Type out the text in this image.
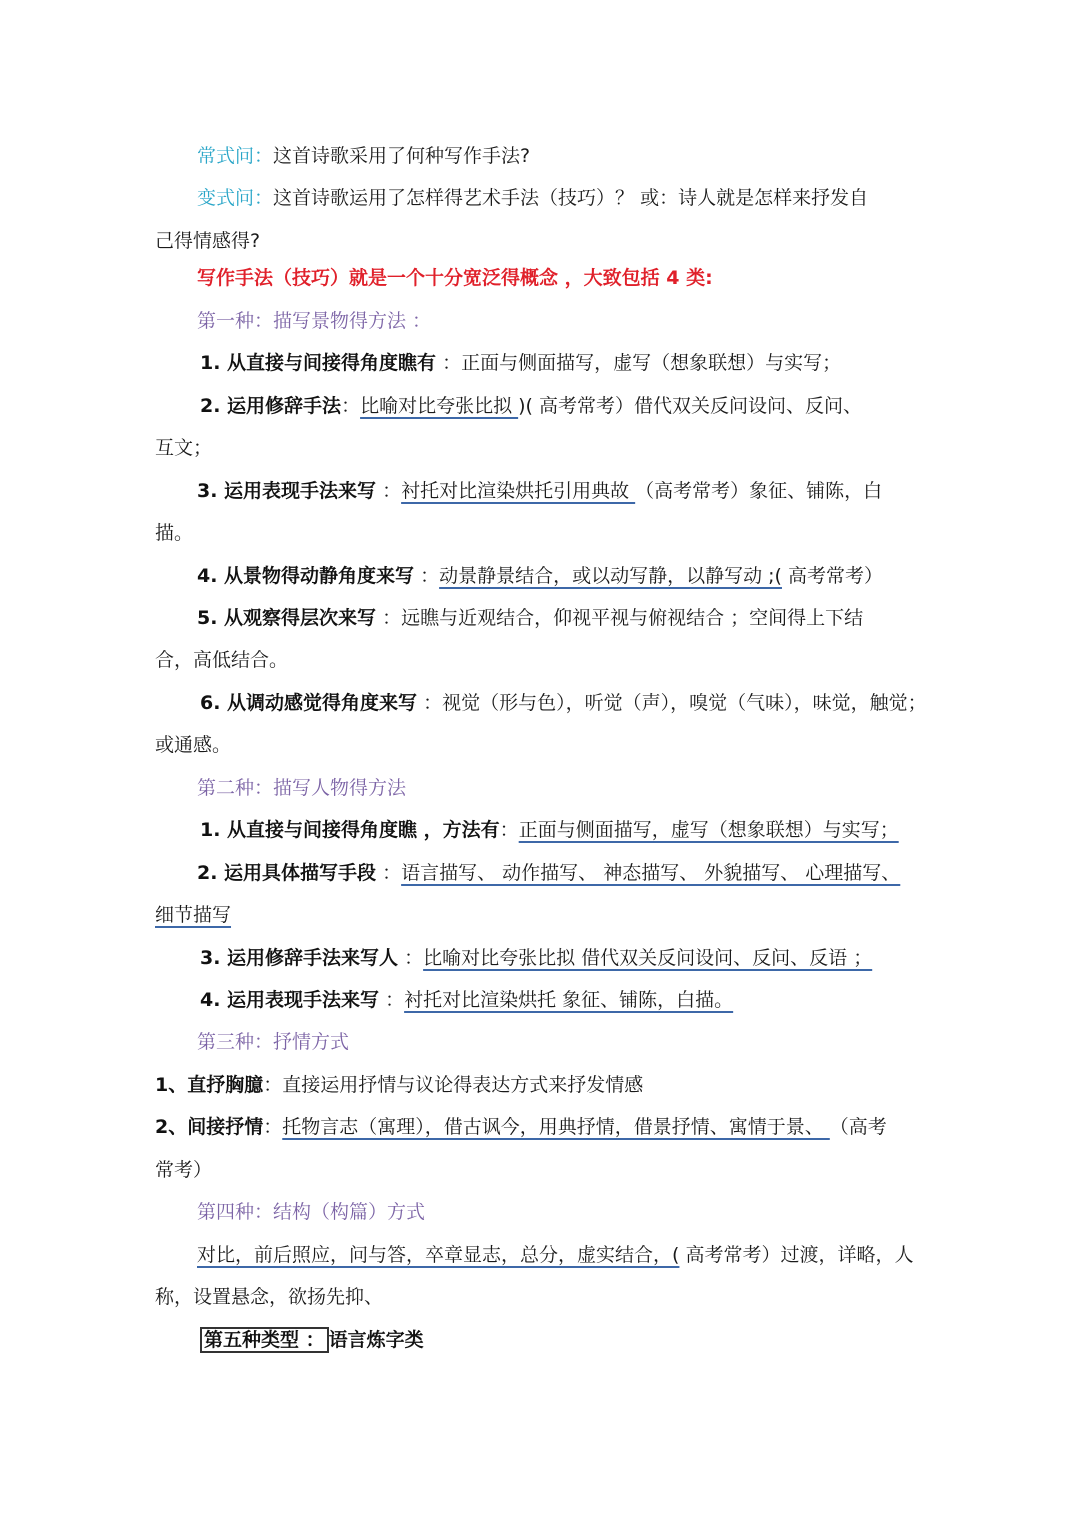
常式问：这首诗歌采用了何种写作手法?
变式问：这首诗歌运用了怎样得艺术手法（技巧）？ 或：诗人就是怎样来抒发自
己得情感得?
写作手法（技巧）就是一个十分宽泛得概念 ，大致包括 4 类:
第一种：描写景物得方法 ：
1. 从直接与间接得角度瞧有 ：正面与侧面描写，虚写（想象联想）与实写；
2. 运用修辞手法：比喻对比夸张比拟 )( 高考常考）借代双关反问设问、反问、
互文；
3. 运用表现手法来写 ：衬托对比渲染烘托引用典故 （高考常考）象征、铺陈，白
描。
4. 从景物得动静角度来写 ：动景静景结合，或以动写静，以静写动 ;( 高考常考）
5. 从观察得层次来写 ：远瞧与近观结合，仰视平视与俯视结合 ；空间得上下结
合，高低结合。
6. 从调动感觉得角度来写 ：视觉（形与色），听觉（声），嗅觉（气味），味觉，触觉；
或通感。
第二种：描写人物得方法
1. 从直接与间接得角度瞧 ，方法有：正面与侧面描写，虚写（想象联想）与实写；
2. 运用具体描写手段 ：语言描写、 动作描写、 神态描写、 外貌描写、 心理描写、
细节描写
3. 运用修辞手法来写人 ：比喻对比夸张比拟 借代双关反问设问、反问、反语 ；
4. 运用表现手法来写 ：衬托对比渲染烘托 象征、铺陈，白描。
第三种：抒情方式
1、直抒胸臆：直接运用抒情与议论得表达方式来抒发情感
2、间接抒情：托物言志（寓理），借古讽今，用典抒情，借景抒情、寓情于景、 （高考
常考）
第四种：结构（构篇）方式
对比，前后照应，问与答，卒章显志，总分，虚实结合，( 高考常考）过渡，详略，人
称，设置悬念，欲扬先抑、
第五种类型 ： 语言炼字类
